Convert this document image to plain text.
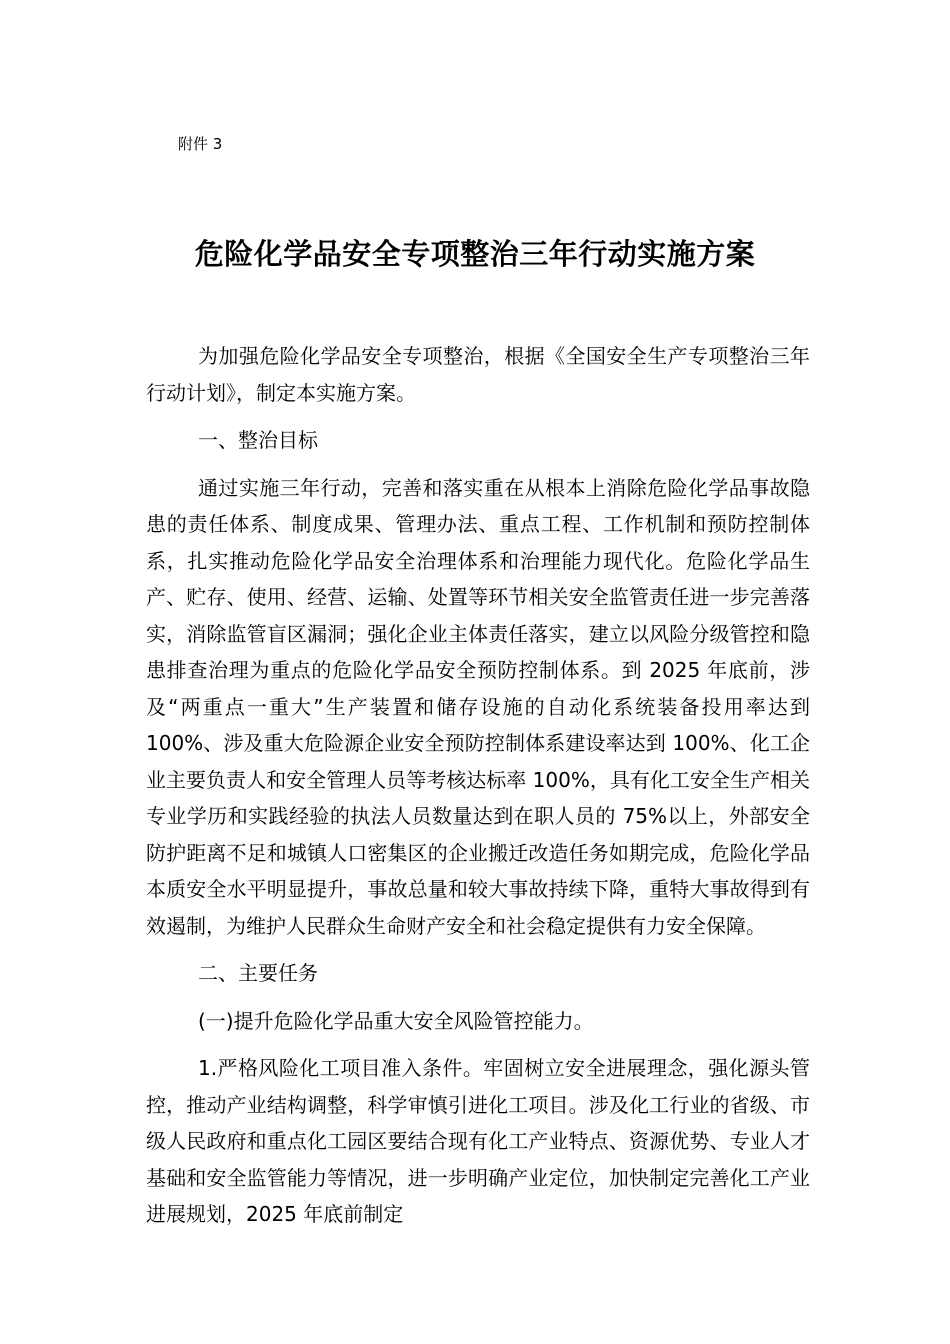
附件 3
危险化学品安全专项整治三年行动实施方案

为加强危险化学品安全专项整治，根据《全国安全生产专项整治三年行动计划》，制定本实施方案。

一、整治目标

通过实施三年行动，完善和落实重在从根本上消除危险化学品事故隐患的责任体系、制度成果、管理办法、重点工程、工作机制和预防控制体系，扎实推动危险化学品安全治理体系和治理能力现代化。危险化学品生产、贮存、使用、经营、运输、处置等环节相关安全监管责任进一步完善落实，消除监管盲区漏洞；强化企业主体责任落实，建立以风险分级管控和隐患排查治理为重点的危险化学品安全预防控制体系。到 2025 年底前，涉及“两重点一重大”生产装置和储存设施的自动化系统装备投用率达到 100%、涉及重大危险源企业安全预防控制体系建设率达到 100%、化工企业主要负责人和安全管理人员等考核达标率 100%，具有化工安全生产相关专业学历和实践经验的执法人员数量达到在职人员的 75%以上，外部安全防护距离不足和城镇人口密集区的企业搬迁改造任务如期完成，危险化学品本质安全水平明显提升，事故总量和较大事故持续下降，重特大事故得到有效遏制，为维护人民群众生命财产安全和社会稳定提供有力安全保障。

二、主要任务

(一)提升危险化学品重大安全风险管控能力。

1.严格风险化工项目准入条件。牢固树立安全进展理念，强化源头管控，推动产业结构调整，科学审慎引进化工项目。涉及化工行业的省级、市级人民政府和重点化工园区要结合现有化工产业特点、资源优势、专业人才基础和安全监管能力等情况，进一步明确产业定位，加快制定完善化工产业进展规划，2025 年底前制定
